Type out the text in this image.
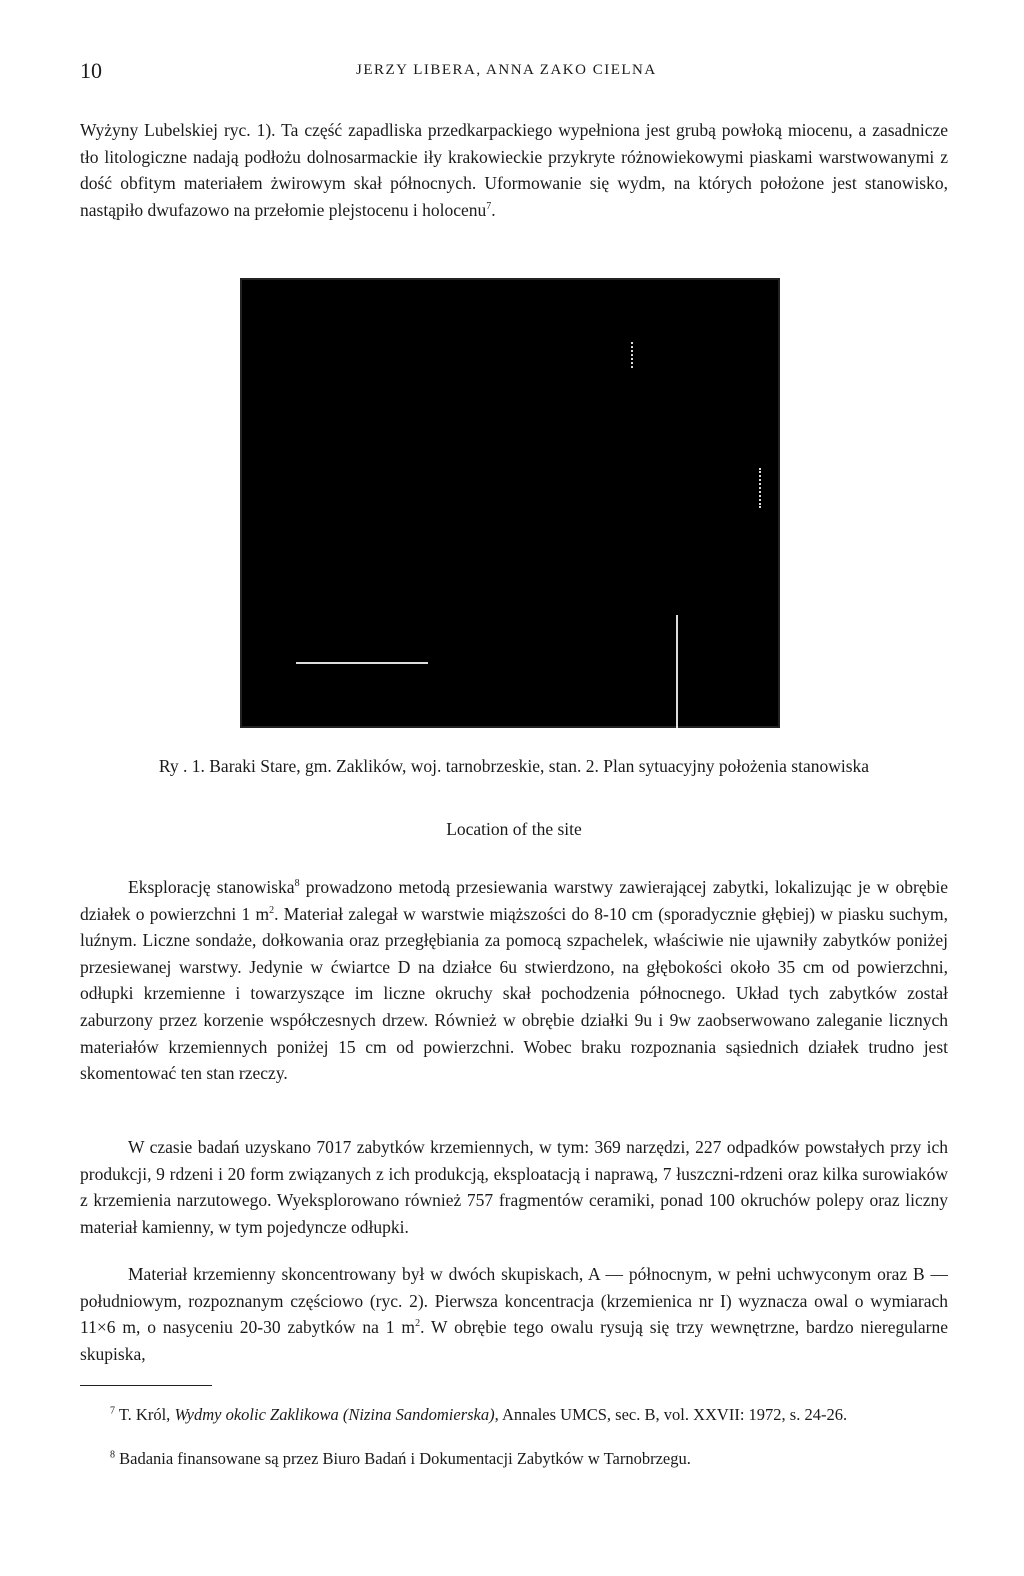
10	JERZY LIBERA, ANNA ZAKO CIELNA

Wyżyny Lubelskiej ryc. 1). Ta część zapadliska przedkarpackiego wypełniona jest grubą powłoką miocenu, a zasadnicze tło litologiczne nadają podłożu dolnosarmackie iły krakowieckie przykryte różnowiekowymi piaskami warstwowanymi z dość obfitym materiałem żwirowym skał północnych. Uformowanie się wydm, na których położone jest stanowisko, nastąpiło dwufazowo na przełomie plejstocenu i holocenu$^7$.

Ry . 1. Baraki Stare, gm. Zaklików, woj. tarnobrzeskie, stan. 2. Plan sytuacyjny położenia stanowiska

Location of the site

Eksplorację stanowiska$^8$ prowadzono metodą przesiewania warstwy zawierającej zabytki, lokalizując je w obrębie działek o powierzchni 1 $m^2$. Materiał zalegał w warstwie miąższości do 8-10 cm (sporadycznie głębiej) w piasku suchym, luźnym. Liczne sondaże, dołkowania oraz przegłębiania za pomocą szpachelek, właściwie nie ujawniły zabytków poniżej przesiewanej warstwy. Jedynie w ćwiartce D na działce 6u stwierdzono, na głębokości około 35 cm od powierzchni, odłupki krzemienne i towarzyszące im liczne okruchy skał pochodzenia północnego. Układ tych zabytków został zaburzony przez korzenie współczesnych drzew. Również w obrębie działki 9u i 9w zaobserwowano zaleganie licznych materiałów krzemiennych poniżej 15 cm od powierzchni. Wobec braku rozpoznania sąsiednich działek trudno jest skomentować ten stan rzeczy.

W czasie badań uzyskano 7017 zabytków krzemiennych, w tym: 369 narzędzi, 227 odpadków powstałych przy ich produkcji, 9 rdzeni i 20 form związanych z ich produkcją, eksploatacją i naprawą, 7 łuszczni-rdzeni oraz kilka surowiaków z krzemienia narzutowego. Wyeksplorowano również 757 fragmentów ceramiki, ponad 100 okruchów polepy oraz liczny materiał kamienny, w tym pojedyncze odłupki.

Materiał krzemienny skoncentrowany był w dwóch skupiskach, A — północnym, w pełni uchwyconym oraz B — południowym, rozpoznanym częściowo (ryc. 2). Pierwsza koncentracja (krzemienica nr I) wyznacza owal o wymiarach 11×6 m, o nasyceniu 20-30 zabytków na 1 $m^2$. W obrębie tego owalu rysują się trzy wewnętrzne, bardzo nieregularne skupiska,

$^7$ T. Król, Wydmy okolic Zaklikowa (Nizina Sandomierska), Annales UMCS, sec. B, vol. XXVII: 1972, s. 24-26.

$^8$ Badania finansowane są przez Biuro Badań i Dokumentacji Zabytków w Tarnobrzegu.
